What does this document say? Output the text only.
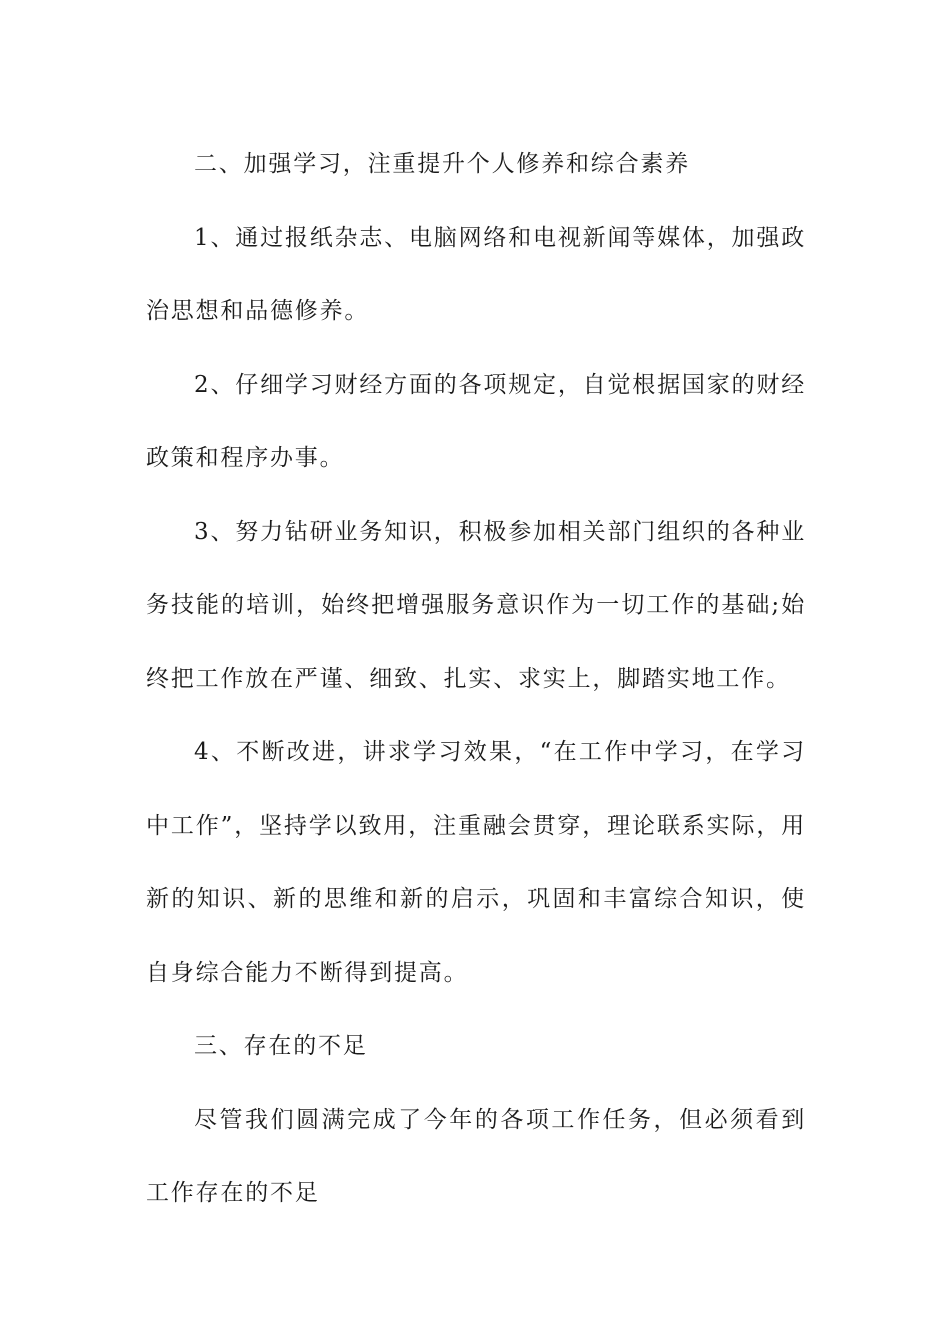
二、加强学习，注重提升个人修养和综合素养

1、通过报纸杂志、电脑网络和电视新闻等媒体，加强政治思想和品德修养。

2、仔细学习财经方面的各项规定，自觉根据国家的财经政策和程序办事。

3、努力钻研业务知识，积极参加相关部门组织的各种业务技能的培训，始终把增强服务意识作为一切工作的基础;始终把工作放在严谨、细致、扎实、求实上，脚踏实地工作。

4、不断改进，讲求学习效果，“在工作中学习，在学习中工作”，坚持学以致用，注重融会贯穿，理论联系实际，用新的知识、新的思维和新的启示，巩固和丰富综合知识，使自身综合能力不断得到提高。

三、存在的不足

尽管我们圆满完成了今年的各项工作任务，但必须看到工作存在的不足
